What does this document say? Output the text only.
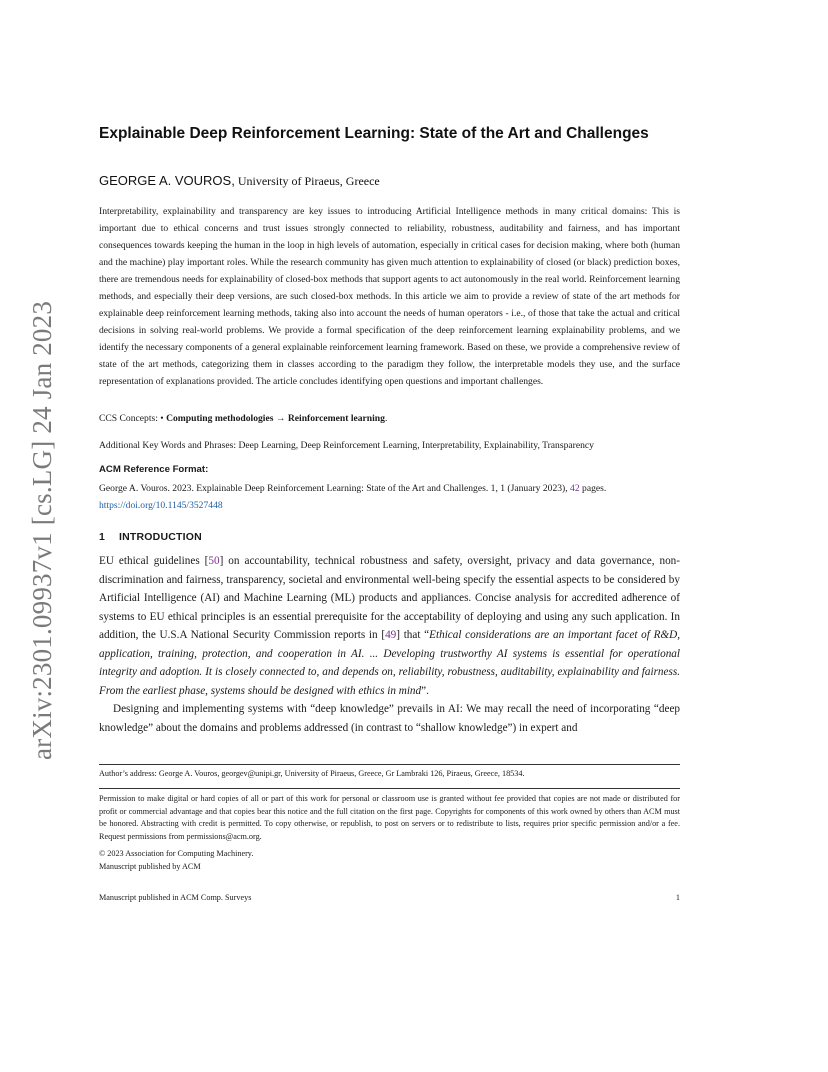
arXiv:2301.09937v1 [cs.LG] 24 Jan 2023
Explainable Deep Reinforcement Learning: State of the Art and Challenges
GEORGE A. VOUROS, University of Piraeus, Greece
Interpretability, explainability and transparency are key issues to introducing Artificial Intelligence methods in many critical domains: This is important due to ethical concerns and trust issues strongly connected to reliability, robustness, auditability and fairness, and has important consequences towards keeping the human in the loop in high levels of automation, especially in critical cases for decision making, where both (human and the machine) play important roles. While the research community has given much attention to explainability of closed (or black) prediction boxes, there are tremendous needs for explainability of closed-box methods that support agents to act autonomously in the real world. Reinforcement learning methods, and especially their deep versions, are such closed-box methods. In this article we aim to provide a review of state of the art methods for explainable deep reinforcement learning methods, taking also into account the needs of human operators - i.e., of those that take the actual and critical decisions in solving real-world problems. We provide a formal specification of the deep reinforcement learning explainability problems, and we identify the necessary components of a general explainable reinforcement learning framework. Based on these, we provide a comprehensive review of state of the art methods, categorizing them in classes according to the paradigm they follow, the interpretable models they use, and the surface representation of explanations provided. The article concludes identifying open questions and important challenges.
CCS Concepts: • Computing methodologies → Reinforcement learning.
Additional Key Words and Phrases: Deep Learning, Deep Reinforcement Learning, Interpretability, Explainability, Transparency
ACM Reference Format:
George A. Vouros. 2023. Explainable Deep Reinforcement Learning: State of the Art and Challenges. 1, 1 (January 2023), 42 pages.
https://doi.org/10.1145/3527448
1 INTRODUCTION

EU ethical guidelines [50] on accountability, technical robustness and safety, oversight, privacy and data governance, non-discrimination and fairness, transparency, societal and environmental well-being specify the essential aspects to be considered by Artificial Intelligence (AI) and Machine Learning (ML) products and appliances. Concise analysis for accredited adherence of systems to EU ethical principles is an essential prerequisite for the acceptability of deploying and using any such application. In addition, the U.S.A National Security Commission reports in [49] that “Ethical considerations are an important facet of R&D, application, training, protection, and cooperation in AI. ... Developing trustworthy AI systems is essential for operational integrity and adoption. It is closely connected to, and depends on, reliability, robustness, auditability, explainability and fairness. From the earliest phase, systems should be designed with ethics in mind”.

Designing and implementing systems with “deep knowledge” prevails in AI: We may recall the need of incorporating “deep knowledge” about the domains and problems addressed (in contrast to “shallow knowledge”) in expert and

Author’s address: George A. Vouros, georgev@unipi.gr, University of Piraeus, Greece, Gr Lambraki 126, Piraeus, Greece, 18534.
Permission to make digital or hard copies of all or part of this work for personal or classroom use is granted without fee provided that copies are not made or distributed for profit or commercial advantage and that copies bear this notice and the full citation on the first page. Copyrights for components of this work owned by others than ACM must be honored. Abstracting with credit is permitted. To copy otherwise, or republish, to post on servers or to redistribute to lists, requires prior specific permission and/or a fee. Request permissions from permissions@acm.org.
© 2023 Association for Computing Machinery.
Manuscript published by ACM
Manuscript published in ACM Comp. Surveys	1
